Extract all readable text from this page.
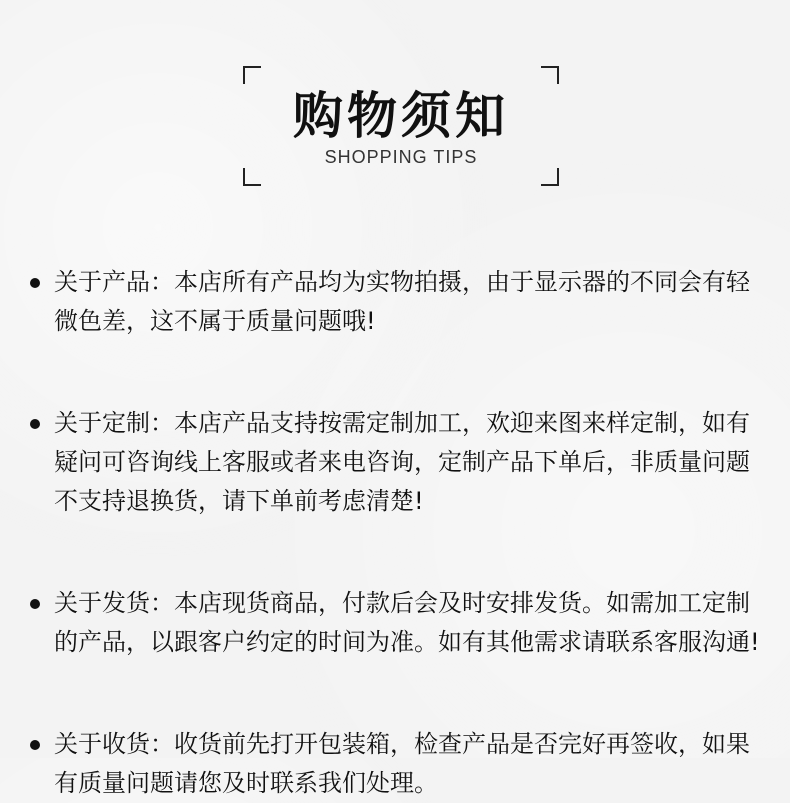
购物须知
SHOPPING TIPS
关于产品：本店所有产品均为实物拍摄，由于显示器的不同会有轻微色差，这不属于质量问题哦!
关于定制：本店产品支持按需定制加工，欢迎来图来样定制，如有疑问可咨询线上客服或者来电咨询，定制产品下单后，非质量问题不支持退换货，请下单前考虑清楚!
关于发货：本店现货商品，付款后会及时安排发货。如需加工定制的产品，以跟客户约定的时间为准。如有其他需求请联系客服沟通!
关于收货：收货前先打开包装箱，检查产品是否完好再签收，如果有质量问题请您及时联系我们处理。
